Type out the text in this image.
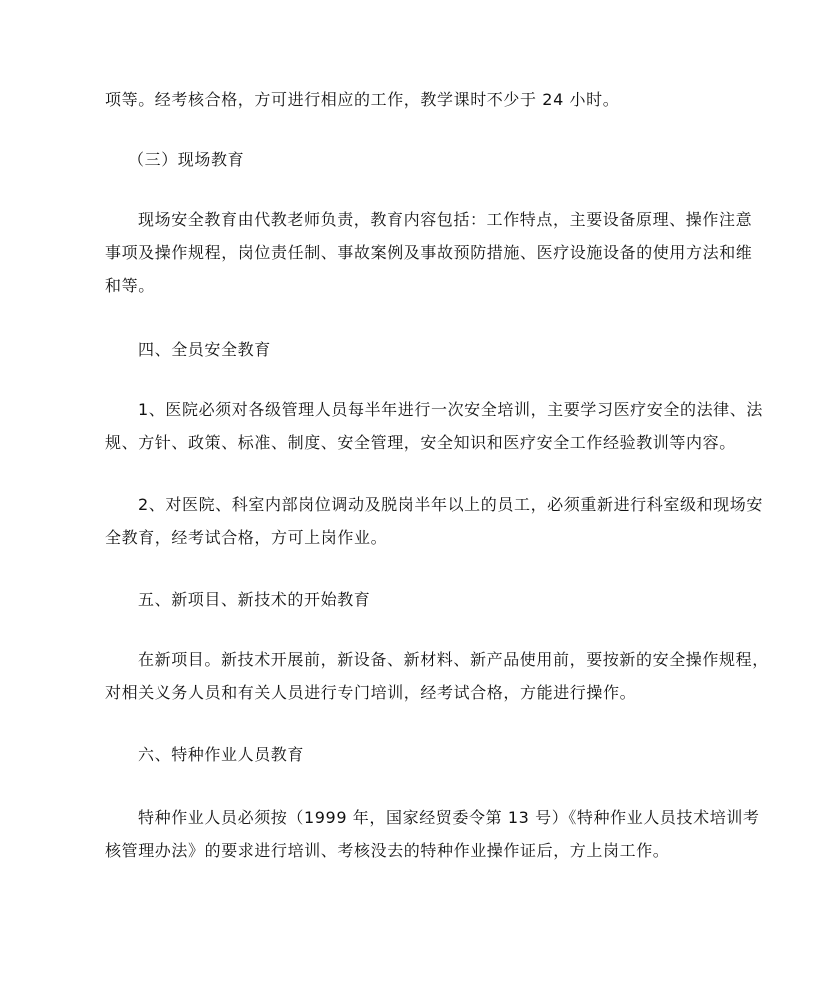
项等。经考核合格，方可进行相应的工作，教学课时不少于 24 小时。
（三）现场教育
现场安全教育由代教老师负责，教育内容包括：工作特点，主要设备原理、操作注意
事项及操作规程，岗位责任制、事故案例及事故预防措施、医疗设施设备的使用方法和维
和等。
四、全员安全教育
1、医院必须对各级管理人员每半年进行一次安全培训，主要学习医疗安全的法律、法
规、方针、政策、标准、制度、安全管理，安全知识和医疗安全工作经验教训等内容。
2、对医院、科室内部岗位调动及脱岗半年以上的员工，必须重新进行科室级和现场安
全教育，经考试合格，方可上岗作业。
五、新项目、新技术的开始教育
在新项目。新技术开展前，新设备、新材料、新产品使用前，要按新的安全操作规程，
对相关义务人员和有关人员进行专门培训，经考试合格，方能进行操作。
六、特种作业人员教育
特种作业人员必须按（1999 年，国家经贸委令第 13 号）《特种作业人员技术培训考
核管理办法》的要求进行培训、考核没去的特种作业操作证后，方上岗工作。
